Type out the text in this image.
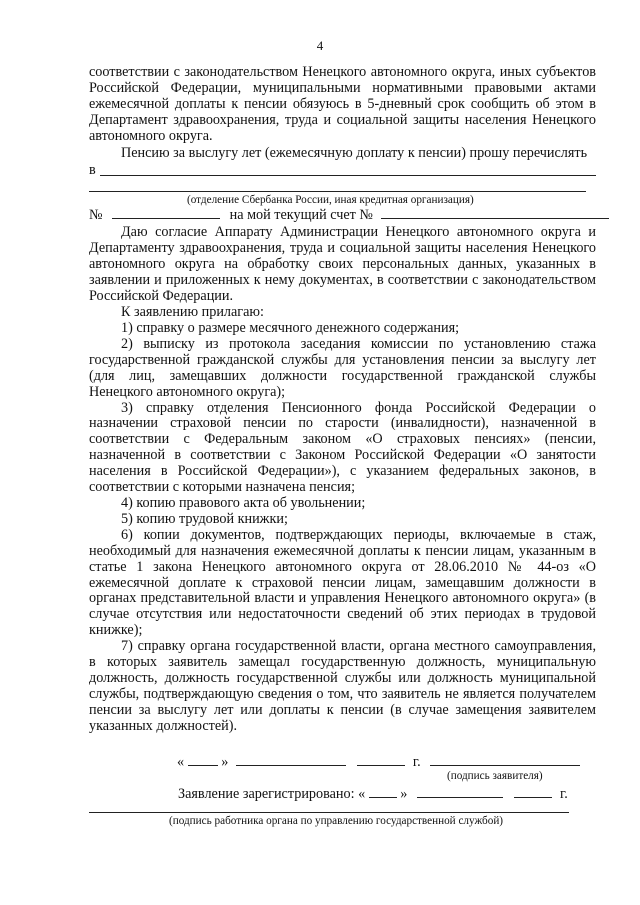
4
соответствии с законодательством Ненецкого автономного округа, иных субъектов Российской Федерации, муниципальными нормативными правовыми актами ежемесячной доплаты к пенсии обязуюсь в 5-дневный срок сообщить об этом в Департамент здравоохранения, труда и социальной защиты населения Ненецкого автономного округа.
Пенсию за выслугу лет (ежемесячную доплату к пенсии) прошу перечислять
в
(отделение Сбербанка России, иная кредитная организация)
№	на мой текущий счет №
Даю согласие Аппарату Администрации Ненецкого автономного округа и Департаменту здравоохранения, труда и социальной защиты населения Ненецкого автономного округа на обработку своих персональных данных, указанных в заявлении и приложенных к нему документах, в соответствии с законодательством Российской Федерации.
К заявлению прилагаю:

1) справку о размере месячного денежного содержания;

2) выписку из протокола заседания комиссии по установлению стажа государственной гражданской службы для установления пенсии за выслугу лет (для лиц, замещавших должности государственной гражданской службы Ненецкого автономного округа);

3) справку отделения Пенсионного фонда Российской Федерации о назначении страховой пенсии по старости (инвалидности), назначенной в соответствии с Федеральным законом «О страховых пенсиях» (пенсии, назначенной в соответствии с Законом Российской Федерации «О занятости населения в Российской Федерации»), с указанием федеральных законов, в соответствии с которыми назначена пенсия;

4) копию правового акта об увольнении;

5) копию трудовой книжки;

6) копии документов, подтверждающих периоды, включаемые в стаж, необходимый для назначения ежемесячной доплаты к пенсии лицам, указанным в статье 1 закона Ненецкого автономного округа от 28.06.2010 № 44-оз «О ежемесячной доплате к страховой пенсии лицам, замещавшим должности в органах представительной власти и управления Ненецкого автономного округа» (в случае отсутствия или недостаточности сведений об этих периодах в трудовой книжке);

7) справку органа государственной власти, органа местного самоуправления, в которых заявитель замещал государственную должность, муниципальную должность, должность государственной службы или должность муниципальной службы, подтверждающую сведения о том, что заявитель не является получателем пенсии за выслугу лет или доплаты к пенсии (в случае замещения заявителем указанных должностей).

«	»	г.
(подпись заявителя)
Заявление зарегистрировано: « »	г.
(подпись работника органа по управлению государственной службой)
